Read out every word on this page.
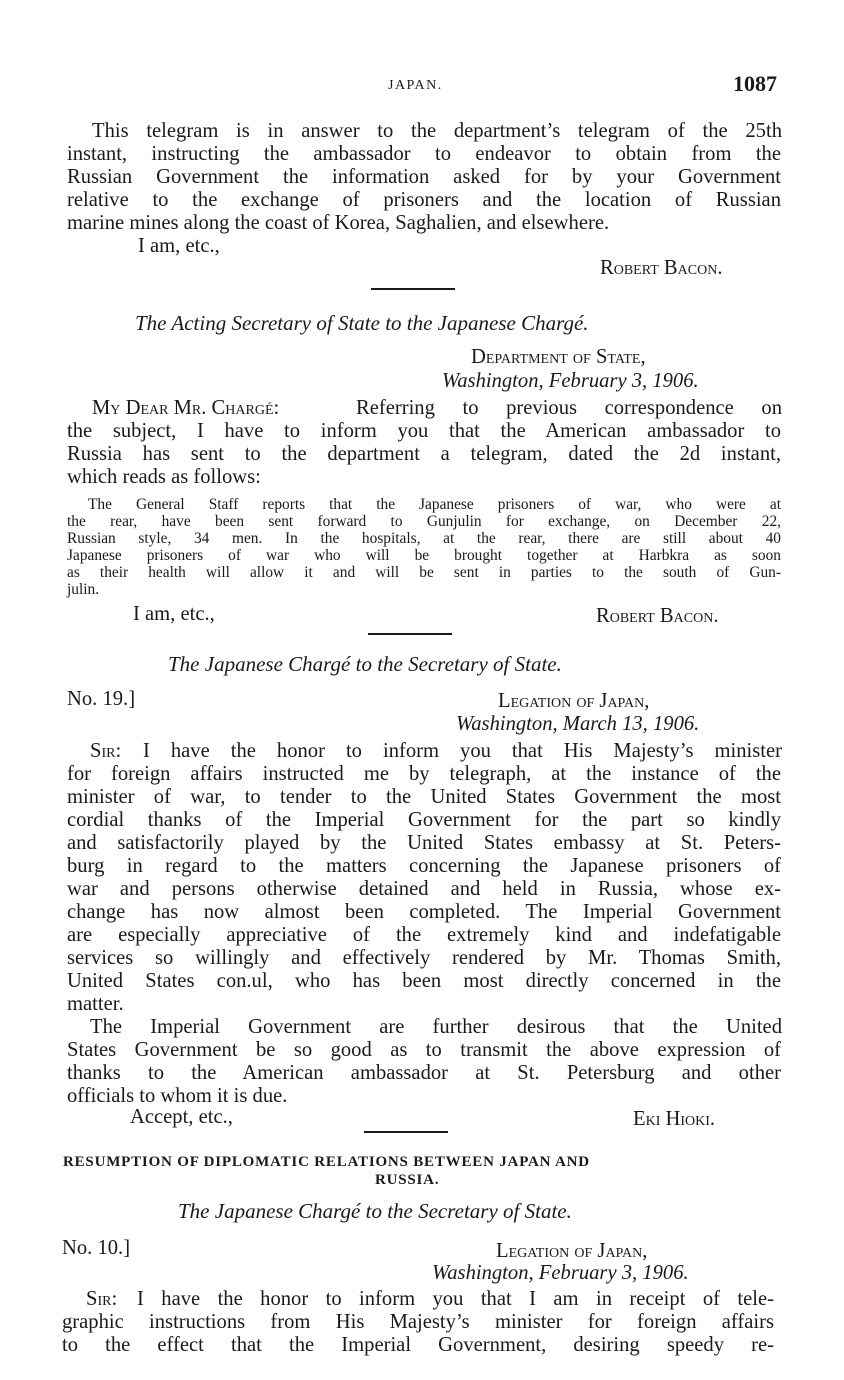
JAPAN.	1087
This telegram is in answer to the department’s telegram of the 25th
instant, instructing the ambassador to endeavor to obtain from the
Russian Government the information asked for by your Government
relative to the exchange of prisoners and the location of Russian
marine mines along the coast of Korea, Saghalien, and elsewhere.
I am, etc.,
Robert Bacon.
The Acting Secretary of State to the Japanese Chargé.
Department of State,
Washington, February 3, 1906.
My Dear Mr. Chargé:	Referring to previous correspondence on
the subject, I have to inform you that the American ambassador to
Russia has sent to the department a telegram, dated the 2d instant,
which reads as follows:
The General Staff reports that the Japanese prisoners of war, who were at
the rear, have been sent forward to Gunjulin for exchange, on December 22,
Russian style, 34 men. In the hospitals, at the rear, there are still about 40
Japanese prisoners of war who will be brought together at Harbkra as soon
as their health will allow it and will be sent in parties to the south of Gun-
julin.
I am, etc.,	Robert Bacon.
The Japanese Chargé to the Secretary of State.
No. 19.]	Legation of Japan,
Washington, March 13, 1906.
Sir: I have the honor to inform you that His Majesty’s minister
for foreign affairs instructed me by telegraph, at the instance of the
minister of war, to tender to the United States Government the most
cordial thanks of the Imperial Government for the part so kindly
and satisfactorily played by the United States embassy at St. Peters-
burg in regard to the matters concerning the Japanese prisoners of
war and persons otherwise detained and held in Russia, whose ex-
change has now almost been completed. The Imperial Government
are especially appreciative of the extremely kind and indefatigable
services so willingly and effectively rendered by Mr. Thomas Smith,
United States con.ul, who has been most directly concerned in the
matter.
The Imperial Government are further desirous that the United
States Government be so good as to transmit the above expression of
thanks to the American ambassador at St. Petersburg and other
officials to whom it is due.
Accept, etc.,	Eki Hioki.
RESUMPTION OF DIPLOMATIC RELATIONS BETWEEN JAPAN AND
RUSSIA.
The Japanese Chargé to the Secretary of State.
No. 10.]	Legation of Japan,
Washington, February 3, 1906.
Sir: I have the honor to inform you that I am in receipt of tele-
graphic instructions from His Majesty’s minister for foreign affairs
to the effect that the Imperial Government, desiring speedy re-
